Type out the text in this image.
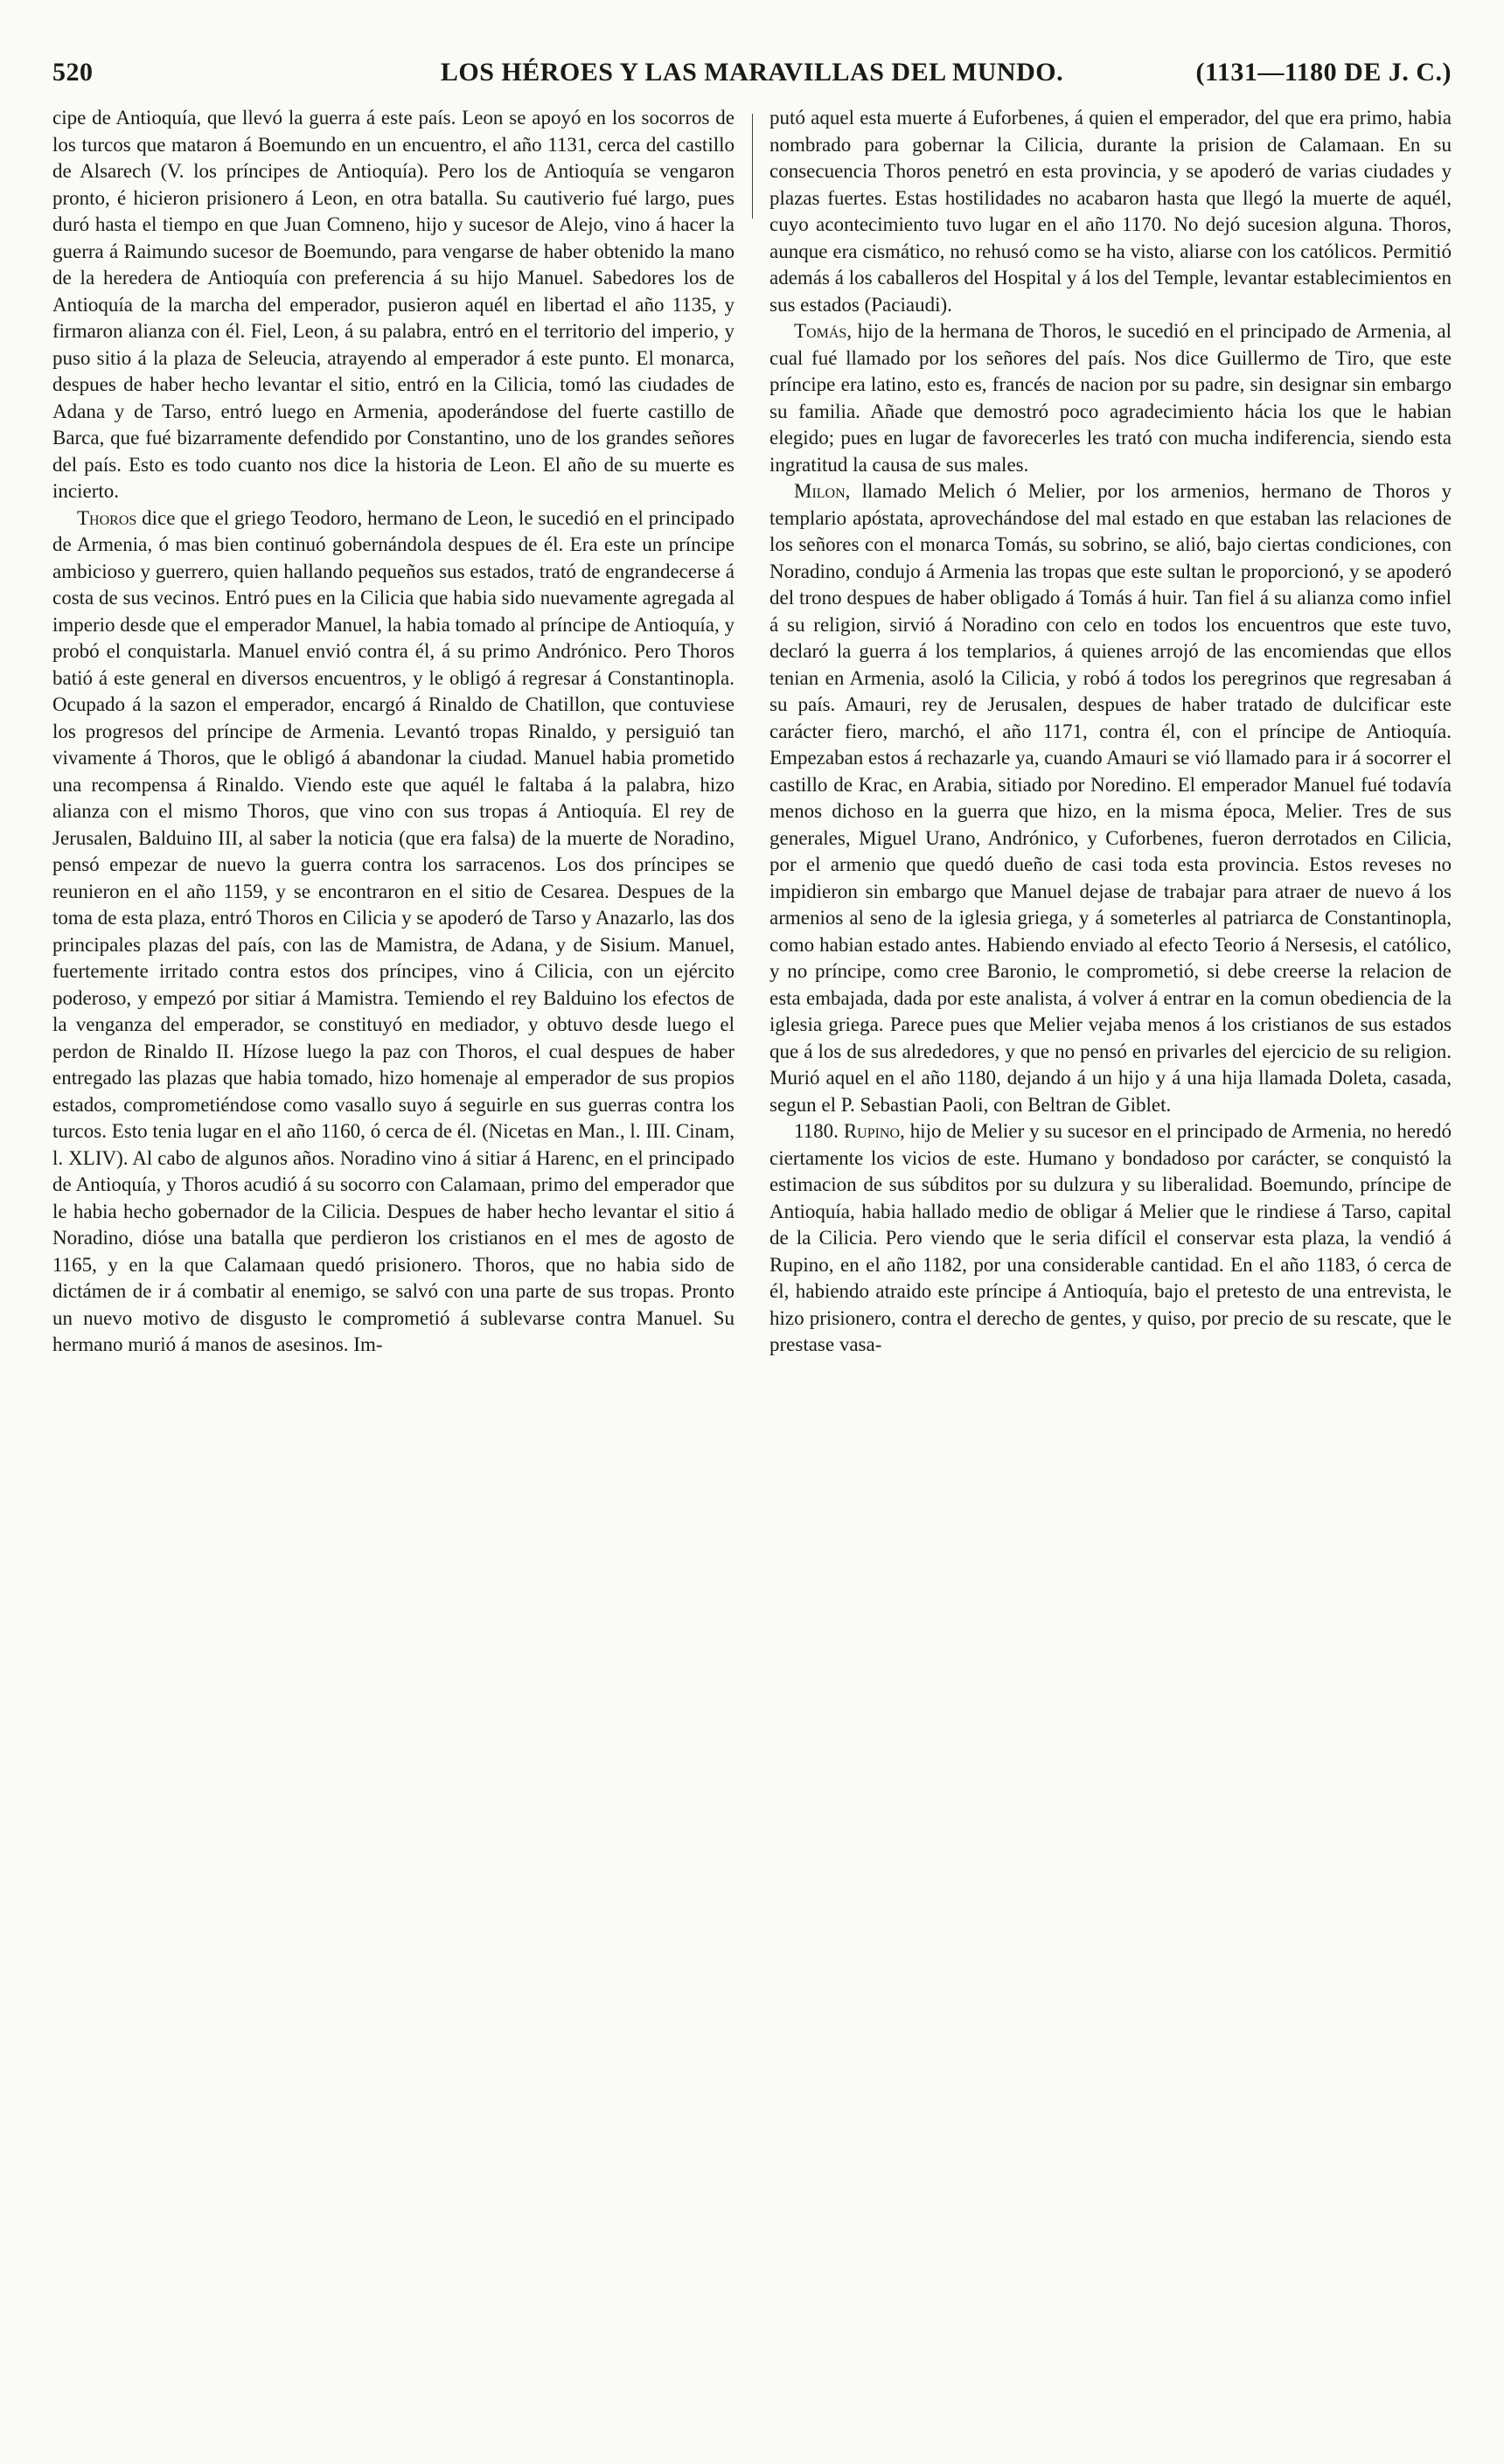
520	LOS HÉROES Y LAS MARAVILLAS DEL MUNDO.	(1131—1180 DE J. C.)

cipe de Antioquía, que llevó la guerra á este país. Leon se apoyó en los socorros de los turcos que mataron á Boemundo en un encuentro, el año 1131, cerca del castillo de Alsarech (V. los príncipes de Antioquía). Pero los de Antioquía se vengaron pronto, é hicieron prisionero á Leon, en otra batalla. Su cautiverio fué largo, pues duró hasta el tiempo en que Juan Comneno, hijo y sucesor de Alejo, vino á hacer la guerra á Raimundo sucesor de Boemundo, para vengarse de haber obtenido la mano de la heredera de Antioquía con preferencia á su hijo Manuel. Sabedores los de Antioquía de la marcha del emperador, pusieron aquél en libertad el año 1135, y firmaron alianza con él. Fiel, Leon, á su palabra, entró en el territorio del imperio, y puso sitio á la plaza de Seleucia, atrayendo al emperador á este punto. El monarca, despues de haber hecho levantar el sitio, entró en la Cilicia, tomó las ciudades de Adana y de Tarso, entró luego en Armenia, apoderándose del fuerte castillo de Barca, que fué bizarramente defendido por Constantino, uno de los grandes señores del país. Esto es todo cuanto nos dice la historia de Leon. El año de su muerte es incierto.

Thoros dice que el griego Teodoro, hermano de Leon, le sucedió en el principado de Armenia, ó mas bien continuó gobernándola despues de él. Era este un príncipe ambicioso y guerrero, quien hallando pequeños sus estados, trató de engrandecerse á costa de sus vecinos. Entró pues en la Cilicia que habia sido nuevamente agregada al imperio desde que el emperador Manuel, la habia tomado al príncipe de Antioquía, y probó el conquistarla. Manuel envió contra él, á su primo Andrónico. Pero Thoros batió á este general en diversos encuentros, y le obligó á regresar á Constantinopla. Ocupado á la sazon el emperador, encargó á Rinaldo de Chatillon, que contuviese los progresos del príncipe de Armenia. Levantó tropas Rinaldo, y persiguió tan vivamente á Thoros, que le obligó á abandonar la ciudad. Manuel habia prometido una recompensa á Rinaldo. Viendo este que aquél le faltaba á la palabra, hizo alianza con el mismo Thoros, que vino con sus tropas á Antioquía. El rey de Jerusalen, Balduino III, al saber la noticia (que era falsa) de la muerte de Noradino, pensó empezar de nuevo la guerra contra los sarracenos. Los dos príncipes se reunieron en el año 1159, y se encontraron en el sitio de Cesarea. Despues de la toma de esta plaza, entró Thoros en Cilicia y se apoderó de Tarso y Anazarlo, las dos principales plazas del país, con las de Mamistra, de Adana, y de Sisium. Manuel, fuertemente irritado contra estos dos príncipes, vino á Cilicia, con un ejército poderoso, y empezó por sitiar á Mamistra. Temiendo el rey Balduino los efectos de la venganza del emperador, se constituyó en mediador, y obtuvo desde luego el perdon de Rinaldo II. Hízose luego la paz con Thoros, el cual despues de haber entregado las plazas que habia tomado, hizo homenaje al emperador de sus propios estados, comprometiéndose como vasallo suyo á seguirle en sus guerras contra los turcos. Esto tenia lugar en el año 1160, ó cerca de él. (Nicetas en Man., l. III. Cinam, l. XLIV). Al cabo de algunos años. Noradino vino á sitiar á Harenc, en el principado de Antioquía, y Thoros acudió á su socorro con Calamaan, primo del emperador que le habia hecho gobernador de la Cilicia. Despues de haber hecho levantar el sitio á Noradino, dióse una batalla que perdieron los cristianos en el mes de agosto de 1165, y en la que Calamaan quedó prisionero. Thoros, que no habia sido de dictámen de ir á combatir al enemigo, se salvó con una parte de sus tropas. Pronto un nuevo motivo de disgusto le comprometió á sublevarse contra Manuel. Su hermano murió á manos de asesinos. Im-

putó aquel esta muerte á Euforbenes, á quien el emperador, del que era primo, habia nombrado para gobernar la Cilicia, durante la prision de Calamaan. En su consecuencia Thoros penetró en esta provincia, y se apoderó de varias ciudades y plazas fuertes. Estas hostilidades no acabaron hasta que llegó la muerte de aquél, cuyo acontecimiento tuvo lugar en el año 1170. No dejó sucesion alguna. Thoros, aunque era cismático, no rehusó como se ha visto, aliarse con los católicos. Permitió además á los caballeros del Hospital y á los del Temple, levantar establecimientos en sus estados (Paciaudi).

Tomás, hijo de la hermana de Thoros, le sucedió en el principado de Armenia, al cual fué llamado por los señores del país. Nos dice Guillermo de Tiro, que este príncipe era latino, esto es, francés de nacion por su padre, sin designar sin embargo su familia. Añade que demostró poco agradecimiento hácia los que le habian elegido; pues en lugar de favorecerles les trató con mucha indiferencia, siendo esta ingratitud la causa de sus males.

Milon, llamado Melich ó Melier, por los armenios, hermano de Thoros y templario apóstata, aprovechándose del mal estado en que estaban las relaciones de los señores con el monarca Tomás, su sobrino, se alió, bajo ciertas condiciones, con Noradino, condujo á Armenia las tropas que este sultan le proporcionó, y se apoderó del trono despues de haber obligado á Tomás á huir. Tan fiel á su alianza como infiel á su religion, sirvió á Noradino con celo en todos los encuentros que este tuvo, declaró la guerra á los templarios, á quienes arrojó de las encomiendas que ellos tenian en Armenia, asoló la Cilicia, y robó á todos los peregrinos que regresaban á su país. Amauri, rey de Jerusalen, despues de haber tratado de dulcificar este carácter fiero, marchó, el año 1171, contra él, con el príncipe de Antioquía. Empezaban estos á rechazarle ya, cuando Amauri se vió llamado para ir á socorrer el castillo de Krac, en Arabia, sitiado por Noredino. El emperador Manuel fué todavía menos dichoso en la guerra que hizo, en la misma época, Melier. Tres de sus generales, Miguel Urano, Andrónico, y Cuforbenes, fueron derrotados en Cilicia, por el armenio que quedó dueño de casi toda esta provincia. Estos reveses no impidieron sin embargo que Manuel dejase de trabajar para atraer de nuevo á los armenios al seno de la iglesia griega, y á someterles al patriarca de Constantinopla, como habian estado antes. Habiendo enviado al efecto Teorio á Nersesis, el católico, y no príncipe, como cree Baronio, le comprometió, si debe creerse la relacion de esta embajada, dada por este analista, á volver á entrar en la comun obediencia de la iglesia griega. Parece pues que Melier vejaba menos á los cristianos de sus estados que á los de sus alrededores, y que no pensó en privarles del ejercicio de su religion. Murió aquel en el año 1180, dejando á un hijo y á una hija llamada Doleta, casada, segun el P. Sebastian Paoli, con Beltran de Giblet.

1180. Rupino, hijo de Melier y su sucesor en el principado de Armenia, no heredó ciertamente los vicios de este. Humano y bondadoso por carácter, se conquistó la estimacion de sus súbditos por su dulzura y su liberalidad. Boemundo, príncipe de Antioquía, habia hallado medio de obligar á Melier que le rindiese á Tarso, capital de la Cilicia. Pero viendo que le seria difícil el conservar esta plaza, la vendió á Rupino, en el año 1182, por una considerable cantidad. En el año 1183, ó cerca de él, habiendo atraido este príncipe á Antioquía, bajo el pretesto de una entrevista, le hizo prisionero, contra el derecho de gentes, y quiso, por precio de su rescate, que le prestase vasa-
